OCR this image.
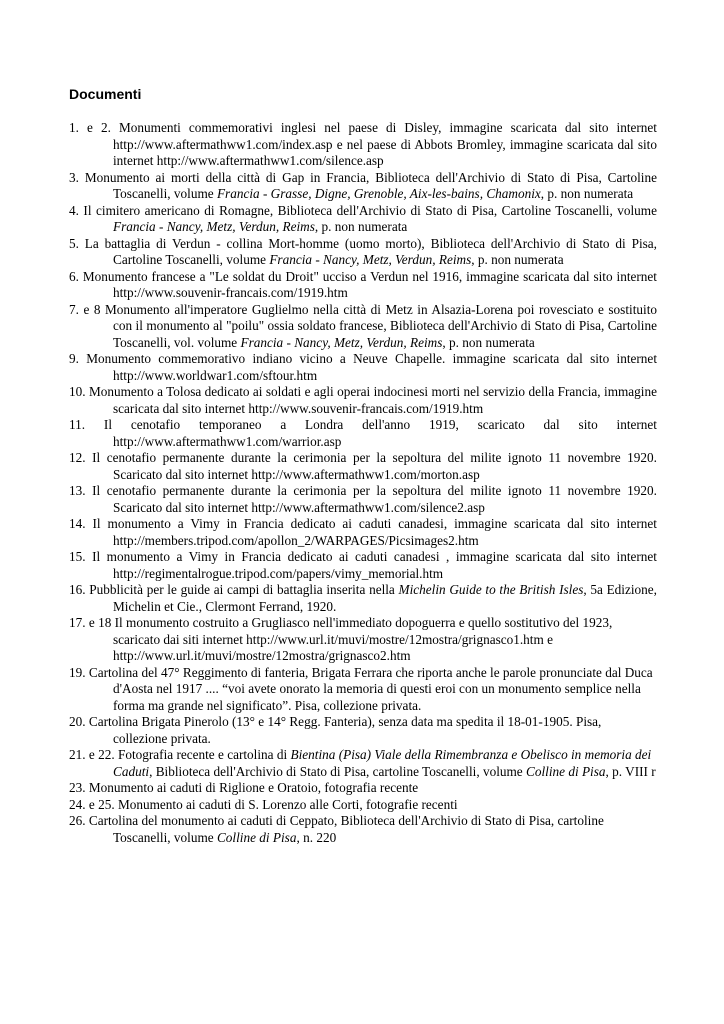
Documenti
1. e 2. Monumenti commemorativi inglesi nel paese di Disley, immagine scaricata dal sito internet http://www.aftermathww1.com/index.asp e nel paese di Abbots Bromley, immagine scaricata dal sito internet http://www.aftermathww1.com/silence.asp
3. Monumento ai morti della città di Gap in Francia, Biblioteca dell'Archivio di Stato di Pisa, Cartoline Toscanelli, volume Francia - Grasse, Digne, Grenoble, Aix-les-bains, Chamonix, p. non numerata
4. Il cimitero americano di Romagne, Biblioteca dell'Archivio di Stato di Pisa, Cartoline Toscanelli, volume Francia - Nancy, Metz, Verdun, Reims, p. non numerata
5. La battaglia di Verdun - collina Mort-homme (uomo morto), Biblioteca dell'Archivio di Stato di Pisa, Cartoline Toscanelli, volume Francia - Nancy, Metz, Verdun, Reims, p. non numerata
6. Monumento francese a "Le soldat du Droit" ucciso a Verdun nel 1916, immagine scaricata dal sito internet http://www.souvenir-francais.com/1919.htm
7. e 8 Monumento all'imperatore Guglielmo nella città di Metz in Alsazia-Lorena poi rovesciato e sostituito con il monumento al "poilu" ossia soldato francese, Biblioteca dell'Archivio di Stato di Pisa, Cartoline Toscanelli, vol. volume Francia - Nancy, Metz, Verdun, Reims, p. non numerata
9. Monumento commemorativo indiano vicino a Neuve Chapelle. immagine scaricata dal sito internet http://www.worldwar1.com/sftour.htm
10. Monumento a Tolosa dedicato ai soldati e agli operai indocinesi morti nel servizio della Francia, immagine scaricata dal sito internet http://www.souvenir-francais.com/1919.htm
11. Il cenotafio temporaneo a Londra dell'anno 1919, scaricato dal sito internet http://www.aftermathww1.com/warrior.asp
12. Il cenotafio permanente durante la cerimonia per la sepoltura del milite ignoto 11 novembre 1920. Scaricato dal sito internet http://www.aftermathww1.com/morton.asp
13. Il cenotafio permanente durante la cerimonia per la sepoltura del milite ignoto 11 novembre 1920. Scaricato dal sito internet http://www.aftermathww1.com/silence2.asp
14. Il monumento a Vimy in Francia dedicato ai caduti canadesi, immagine scaricata dal sito internet http://members.tripod.com/apollon_2/WARPAGES/Picsimages2.htm
15. Il monumento a Vimy in Francia dedicato ai caduti canadesi , immagine scaricata dal sito internet http://regimentalrogue.tripod.com/papers/vimy_memorial.htm
16. Pubblicità per le guide ai campi di battaglia inserita nella Michelin Guide to the British Isles, 5a Edizione, Michelin et Cie., Clermont Ferrand, 1920.
17. e 18 Il monumento costruito a Grugliasco nell'immediato dopoguerra e quello sostitutivo del 1923, scaricato dai siti internet http://www.url.it/muvi/mostre/12mostra/grignasco1.htm e http://www.url.it/muvi/mostre/12mostra/grignasco2.htm
19. Cartolina del 47° Reggimento di fanteria, Brigata Ferrara che riporta anche le parole pronunciate dal Duca d'Aosta nel 1917 .... “voi avete onorato la memoria di questi eroi con un monumento semplice nella forma ma grande nel significato”. Pisa, collezione privata.
20. Cartolina Brigata Pinerolo (13° e 14° Regg. Fanteria), senza data ma spedita il 18-01-1905. Pisa, collezione privata.
21. e 22. Fotografia recente e cartolina di Bientina (Pisa) Viale della Rimembranza e Obelisco in memoria dei Caduti, Biblioteca dell'Archivio di Stato di Pisa, cartoline Toscanelli, volume Colline di Pisa, p. VIII r
23. Monumento ai caduti di Riglione e Oratoio, fotografia recente
24. e 25. Monumento ai caduti di S. Lorenzo alle Corti, fotografie recenti
26. Cartolina del monumento ai caduti di Ceppato, Biblioteca dell'Archivio di Stato di Pisa, cartoline Toscanelli, volume Colline di Pisa, n. 220
